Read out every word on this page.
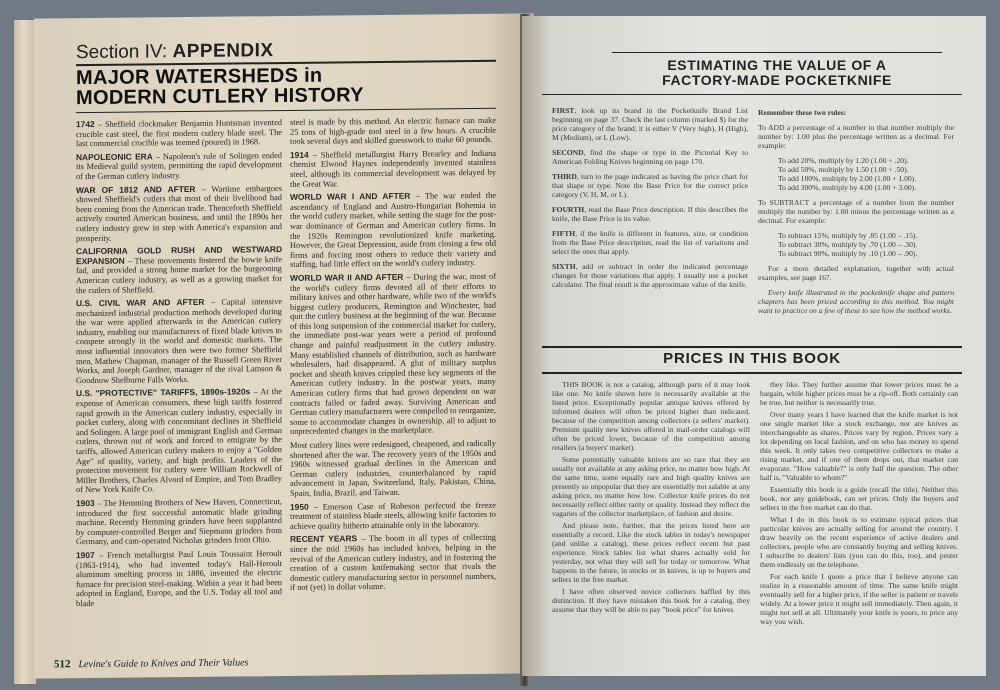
Section IV: APPENDIX
MAJOR WATERSHEDS in
MODERN CUTLERY HISTORY

1742 – Sheffield clockmaker Benjamin Huntsman invented crucible cast steel, the first modern cutlery blade steel. The last commercial crucible was teemed (poured) in 1968.

NAPOLEONIC ERA – Napoleon's rule of Solingen ended its Medieval guild system, permitting the rapid development of the German cutlery industry.

WAR OF 1812 AND AFTER – Wartime embargoes showed Sheffield's cutlers that most of their livelihood had been coming from the American trade. Thenceforth Sheffield actively courted American business, and until the 1890s her cutlery industry grew in step with America's expansion and prosperity.

CALIFORNIA GOLD RUSH AND WESTWARD EXPANSION – These movements fostered the bowie knife fad, and provided a strong home market for the burgeoning American cutlery industry, as well as a growing market for the cutlers of Sheffield.

U.S. CIVIL WAR AND AFTER – Capital intensive mechanized industrial production methods developed during the war were applied afterwards in the American cutlery industry, enabling our manufacturers of fixed blade knives to compete strongly in the world and domestic markets. The most influential innovators then were two former Sheffield men, Mathew Chapman, manager of the Russell Green River Works, and Joseph Gardner, manager of the rival Lamson & Goodnow Shelburne Falls Works.

U.S. "PROTECTIVE" TARIFFS, 1890s-1920s – At the expense of American consumers, these high tariffs fostered rapid growth in the American cutlery industry, especially in pocket cutlery, along with concomitant declines in Sheffield and Solingen. A large pool of immigrant English and German cutlers, thrown out of work and forced to emigrate by the tariffs, allowed American cutlery makers to enjoy a "Golden Age" of quality, variety, and high profits. Leaders of the protection movement for cutlery were William Rockwell of Miller Brothers, Charles Alvord of Empire, and Tom Bradley of New York Knife Co.

1903 – The Hemming Brothers of New Haven, Connecticut, introduced the first successful automatic blade grinding machine. Recently Hemming grinders have been supplanted by computer-controlled Berger and Siepmann grinders from Germany, and cam-operated Nicholas grinders from Ohio.

1907 – French metallurgist Paul Louis Toussaint Heroult (1863-1914), who had invented today's Hall-Heroult aluminum smelting process in 1886, invented the electric furnace for precision steel-making. Within a year it had been adopted in England, Europe, and the U.S. Today all tool and blade

steel is made by this method. An electric furnace can make 25 tons of high-grade tool steel in a few hours. A crucible took several days and skilled guesswork to make 60 pounds.

1914 – Sheffield metallurgist Harry Brearley and Indiana chemist Elwood Haynes independently invented stainless steel, although its commercial development was delayed by the Great War.

WORLD WAR I AND AFTER – The war ended the ascendancy of England and Austro-Hungarian Bohemia in the world cutlery market, while setting the stage for the post-war dominance of German and American cutlery firms. In the 1920s Remington revolutionized knife marketing. However, the Great Depression, aside from closing a few old firms and forcing most others to reduce their variety and staffing, had little effect on the world's cutlery industry.

WORLD WAR II AND AFTER – During the war, most of the world's cutlery firms devoted all of their efforts to military knives and other hardware, while two of the world's biggest cutlery producers, Remington and Winchester, had quit the cutlery business at the beginning of the war. Because of this long suspension of the commercial market for cutlery, the immediate post-war years were a period of profound change and painful readjustment in the cutlery industry. Many established channels of distribution, such as hardware wholesalers, had disappeared. A glut of military surplus pocket and sheath knives crippled these key segments of the American cutlery industry. In the postwar years, many American cutlery firms that had grown dependent on war contracts failed or faded away. Surviving American and German cutlery manufacturers were compelled to reorganize, some to accommodate changes in ownership, all to adjust to unprecedented changes in the marketplace.

Most cutlery lines were redesigned, cheapened, and radically shortened after the war. The recovery years of the 1950s and 1960s witnessed gradual declines in the American and German cutlery industries, counterbalanced by rapid advancement in Japan, Switzerland, Italy, Pakistan, China, Spain, India, Brazil, and Taiwan.

1950 – Emerson Case of Robeson perfected the freeze treatment of stainless blade steels, allowing knife factories to achieve quality hitherto attainable only in the laboratory.

RECENT YEARS – The boom in all types of collecting since the mid 1960s has included knives, helping in the revival of the American cutlery industry, and in fostering the creation of a custom knifemaking sector that rivals the domestic cutlery manufacturing sector in personnel numbers, if not (yet) in dollar volume.

512 Levine's Guide to Knives and Their Values
ESTIMATING THE VALUE OF A
FACTORY-MADE POCKETKNIFE

FIRST, look up its brand in the Pocketknife Brand List beginning on page 37. Check the last column (marked $) for the price category of the brand; it is either V (Very high), H (High), M (Medium), or L (Low).

SECOND, find the shape or type in the Pictorial Key to American Folding Knives beginning on page 170.

THIRD, turn to the page indicated as having the price chart for that shape or type. Note the Base Price for the correct price category (V, H, M, or L).

FOURTH, read the Base Price description. If this describes the knife, the Base Price is its value.

FIFTH, if the knife is different in features, size, or condition from the Base Price description, read the list of variations and select the ones that apply.

SIXTH, add or subtract in order the indicated percentage changes for those variations that apply. I usually use a pocket calculator. The final result is the approximate value of the knife.

Remember these two rules:

To ADD a percentage of a number to that number multiply the number by: 1.00 plus the percentage written as a decimal. For example:

To add 20%, multiply by 1.20 (1.00 + .20).
To add 50%, multiply by 1.50 (1.00 + .50).
To add 100%, multiply by 2.00 (1.00 + 1.00).
To add 300%, multiply by 4.00 (1.00 + 3.00).

To SUBTRACT a percentage of a number from the number multiply the number by: 1.00 minus the percentage written as a decimal. For example:

To subtract 15%, multiply by .85 (1.00 – .15).
To subtract 30%, multiply by .70 (1.00 – .30).
To subtract 90%, multiply by .10 (1.00 – .90).

For a more detailed explanation, together with actual examples, see page 167.

Every knife illustrated in the pocketknife shape and pattern chapters has been priced according to this method. You might want to practice on a few of these to see how the method works.

PRICES IN THIS BOOK

THIS BOOK is not a catalog, although parts of it may look like one. No knife shown here is necessarily available at the listed price. Exceptionally popular antique knives offered by informed dealers will often be priced higher than indicated, because of the competition among collectors (a sellers' market). Premium quality new knives offered in mail-order catalogs will often be priced lower, because of the competition among retailers (a buyers' market).

Some potentially valuable knives are so rare that they are usually not available at any asking price, no matter how high. At the same time, some equally rare and high quality knives are presently so unpopular that they are essentially not salable at any asking price, no matter how low. Collector knife prices do not necessarily reflect either rarity or quality. Instead they reflect the vagaries of the collector marketplace, of fashion and desire.

And please note, further, that the prices listed here are essentially a record. Like the stock tables in today's newspaper (and unlike a catalog), these prices reflect recent but past experience. Stock tables list what shares actually sold for yesterday, not what they will sell for today or tomorrow. What happens in the future, in stocks or in knives, is up to buyers and sellers in the free market.

I have often observed novice collectors baffled by this distinction. If they have mistaken this book for a catalog, they assume that they will be able to pay "book price" for knives

they like. They further assume that lower prices must be a bargain, while higher prices must be a rip-off. Both certainly can be true, but neither is necessarily true.

Over many years I have learned that the knife market is not one single market like a stock exchange, nor are knives as interchangeable as shares. Prices vary by region. Prices vary a lot depending on local fashion, and on who has money to spend this week. It only takes two competitive collectors to make a rising market, and if one of them drops out, that market can evaporate. "How valuable?" is only half the question. The other half is, "Valuable to whom?"

Essentially this book is a guide (recall the title). Neither this book, nor any guidebook, can set prices. Only the buyers and sellers in the free market can do that.

What I do in this book is to estimate typical prices that particular knives are actually selling for around the country. I draw heavily on the recent experience of active dealers and collectors, people who are constantly buying and selling knives. I subscribe to dealers' lists (you can do this, too), and pester them endlessly on the telephone.

For each knife I quote a price that I believe anyone can realize in a reasonable amount of time. The same knife might eventually sell for a higher price, if the seller is patient or travels widely. At a lower price it might sell immediately. Then again, it might not sell at all. Ultimately your knife is yours, to price any way you wish.
